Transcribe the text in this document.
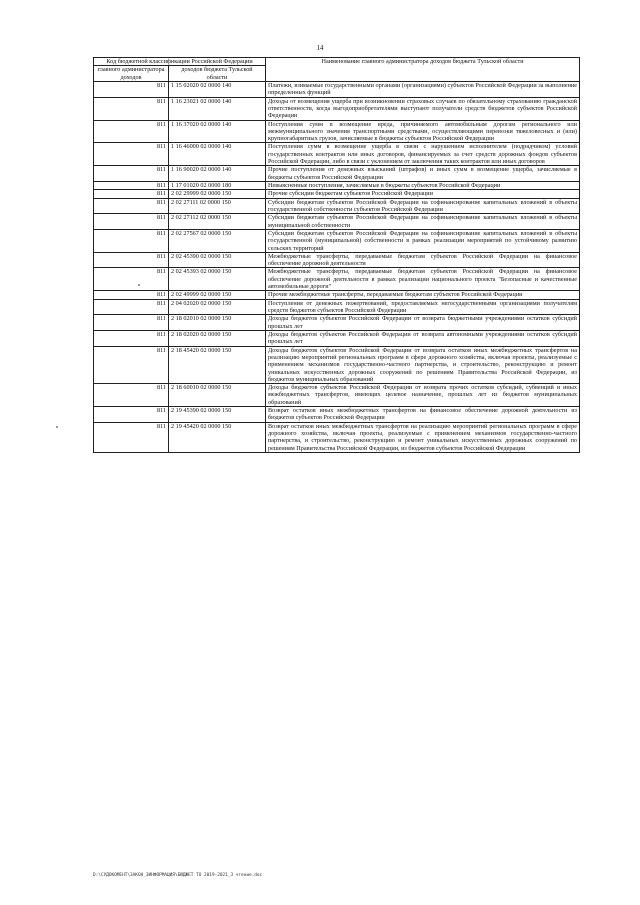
14
Код бюджетной классификации Российской Федерации		Наименование главного администратора доходов бюджета Тульской области
главного администратора доходов	доходов бюджета Тульской области	
811	1 15 02020 02 0000 140	Платежи, взимаемые государственными органами (организациями) субъектов Российской Федерации за выполнение определенных функций
811	1 16 23021 02 0000 140	Доходы от возмещения ущерба при возникновении страховых случаев по обязательному страхованию гражданской ответственности, когда выгодоприобретателями выступают получатели средств бюджетов субъектов Российской Федерации
811	1 16 37020 02 0000 140	Поступления сумм в возмещение вреда, причиняемого автомобильным дорогам регионального или межмуниципального значения транспортными средствами, осуществляющими перевозки тяжеловесных и (или) крупногабаритных грузов, зачисляемые в бюджеты субъектов Российской Федерации
811	1 16 46000 02 0000 140	Поступления сумм в возмещение ущерба в связи с нарушением исполнителем (подрядчиком) условий государственных контрактов или иных договоров, финансируемых за счет средств дорожных фондов субъектов Российской Федерации, либо в связи с уклонением от заключения таких контрактов или иных договоров
811	1 16 90020 02 0000 140	Прочие поступления от денежных взысканий (штрафов) и иных сумм в возмещение ущерба, зачисляемые в бюджеты субъектов Российской Федерации
811	1 17 01020 02 0000 180	Невыясненные поступления, зачисляемые в бюджеты субъектов Российской Федерации
811	2 02 29999 02 0000 150	Прочие субсидии бюджетам субъектов Российской Федерации
811	2 02 27111 02 0000 150	Субсидии бюджетам субъектов Российской Федерации на софинансирование капитальных вложений в объекты государственной собственности субъектов Российской Федерации
811	2 02 27112 02 0000 150	Субсидии бюджетам субъектов Российской Федерации на софинансирование капитальных вложений в объекты муниципальной собственности
811	2 02 27567 02 0000 150	Субсидии бюджетам субъектов Российской Федерации на софинансирование капитальных вложений в объекты государственной (муниципальной) собственности в рамках реализации мероприятий по устойчивому развитию сельских территорий
811	2 02 45390 02 0000 150	Межбюджетные трансферты, передаваемые бюджетам субъектов Российской Федерации на финансовое обеспечение дорожной деятельности
811	2 02 45393 02 0000 150	Межбюджетные трансферты, передаваемые бюджетам субъектов Российской Федерации на финансовое обеспечение дорожной деятельности в рамках реализации национального проекта "Безопасные и качественные автомобильные дороги"
811	2 02 49999 02 0000 150	Прочие межбюджетные трансферты, передаваемые бюджетам субъектов Российской Федерации
811	2 04 02020 02 0000 150	Поступления от денежных пожертвований, предоставляемых негосударственными организациями получателям средств бюджетов субъектов Российской Федерации
811	2 18 02010 02 0000 150	Доходы бюджетов субъектов Российской Федерации от возврата бюджетными учреждениями остатков субсидий прошлых лет
811	2 18 02020 02 0000 150	Доходы бюджетов субъектов Российской Федерации от возврата автономными учреждениями остатков субсидий прошлых лет
811	2 18 45420 02 0000 150	Доходы бюджетов субъектов Российской Федерации от возврата остатков иных межбюджетных трансфертов на реализацию мероприятий региональных программ в сфере дорожного хозяйства, включая проекты, реализуемые с применением механизмов государственно-частного партнерства, и строительство, реконструкцию и ремонт уникальных искусственных дорожных сооружений по решениям Правительства Российской Федерации, из бюджетов муниципальных образований
811	2 18 60010 02 0000 150	Доходы бюджетов субъектов Российской Федерации от возврата прочих остатков субсидий, субвенций и иных межбюджетных трансфертов, имеющих целевое назначение, прошлых лет из бюджетов муниципальных образований
811	2 19 45390 02 0000 150	Возврат остатков иных межбюджетных трансфертов на финансовое обеспечение дорожной деятельности из бюджетов субъектов Российской Федерации
811	2 19 45420 02 0000 150	Возврат остатков иных межбюджетных трансфертов на реализацию мероприятий региональных программ в сфере дорожного хозяйства, включая проекты, реализуемые с применением механизмов государственно-частного партнерства, и строительство, реконструкцию и ремонт уникальных искусственных дорожных сооружений по решениям Правительства Российской Федерации, из бюджетов субъектов Российской Федерации
D:\СУДОКОМЕНТ\ЗАКОН_ЗИНФОРМАЦИЯ\БЮДЖЕТ ТО 2019-2021_3 чтение.doc
